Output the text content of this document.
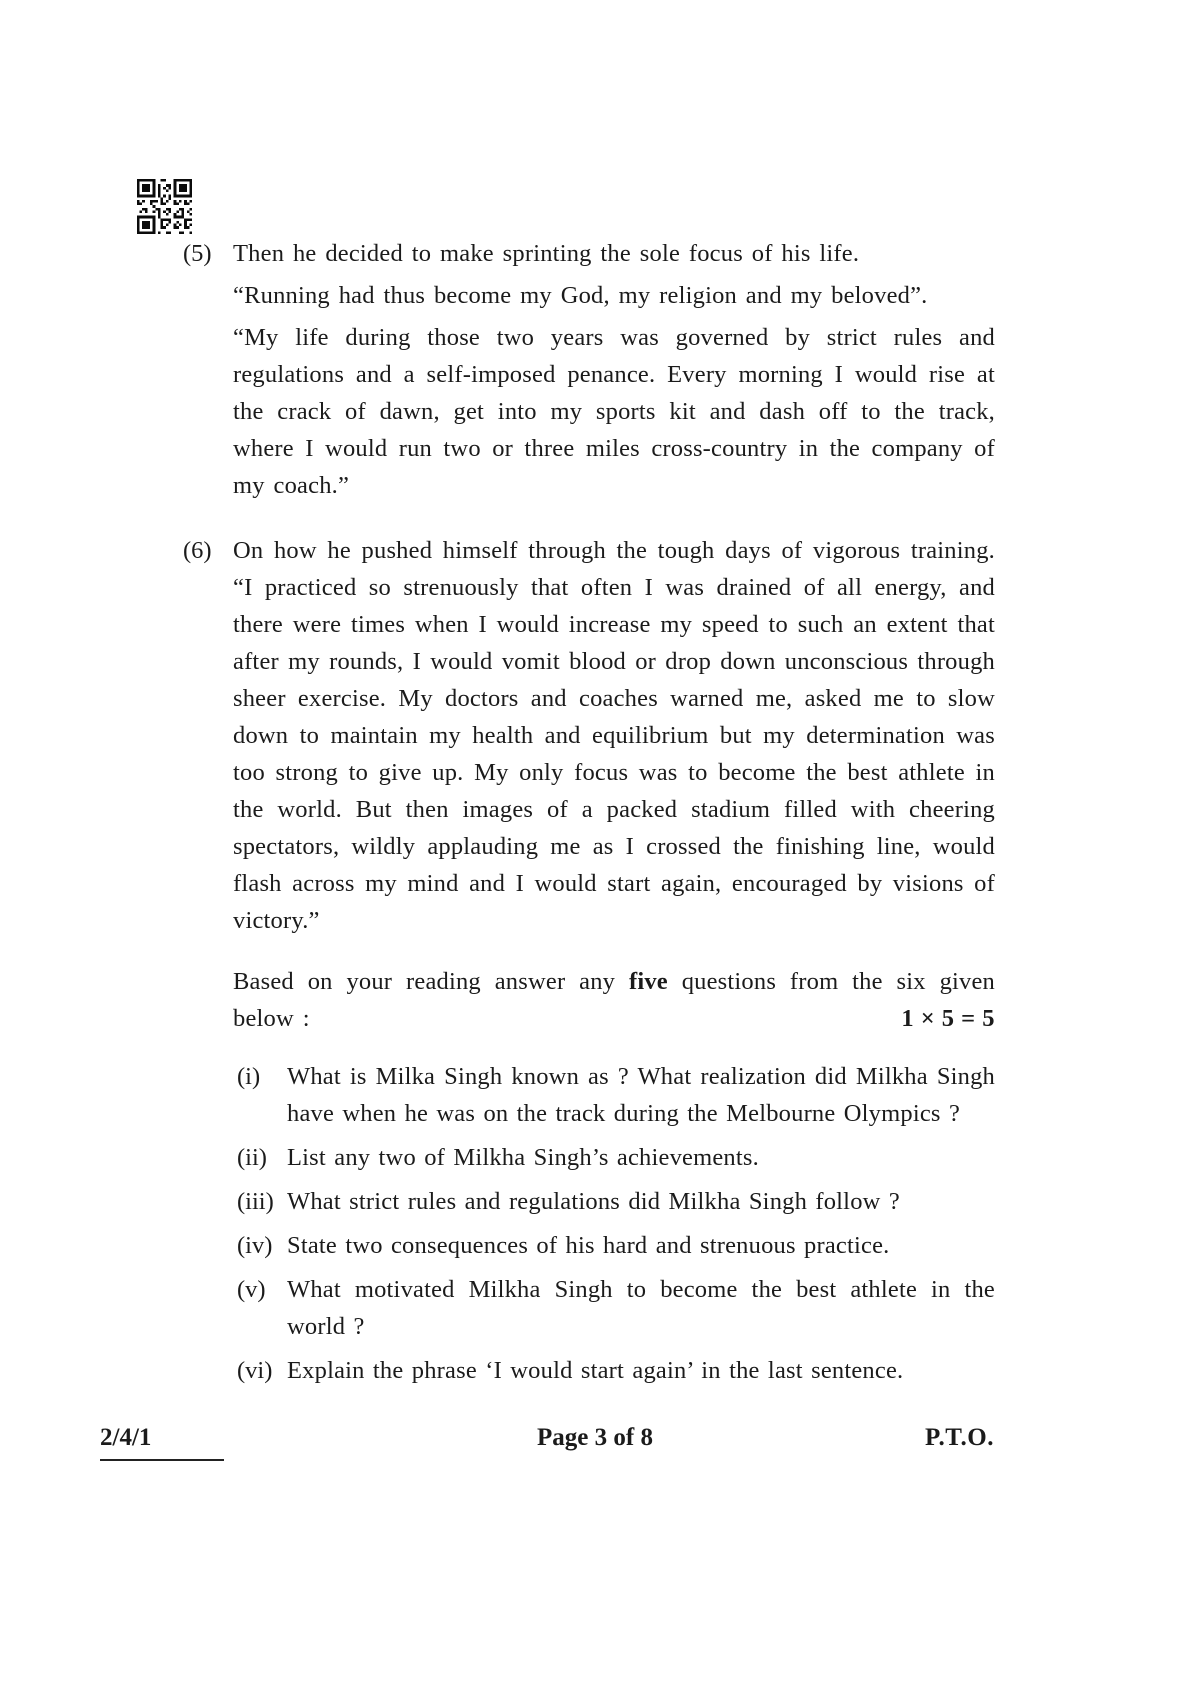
(5) Then he decided to make sprinting the sole focus of his life.

“Running had thus become my God, my religion and my beloved”.

“My life during those two years was governed by strict rules and regulations and a self-imposed penance. Every morning I would rise at the crack of dawn, get into my sports kit and dash off to the track, where I would run two or three miles cross-country in the company of my coach.”

(6) On how he pushed himself through the tough days of vigorous training. “I practiced so strenuously that often I was drained of all energy, and there were times when I would increase my speed to such an extent that after my rounds, I would vomit blood or drop down unconscious through sheer exercise. My doctors and coaches warned me, asked me to slow down to maintain my health and equilibrium but my determination was too strong to give up. My only focus was to become the best athlete in the world. But then images of a packed stadium filled with cheering spectators, wildly applauding me as I crossed the finishing line, would flash across my mind and I would start again, encouraged by visions of victory.”

Based on your reading answer any five questions from the six given below :	1 × 5 = 5
(i)	What is Milka Singh known as ? What realization did Milkha Singh have when he was on the track during the Melbourne Olympics ?
(ii) List any two of Milkha Singh’s achievements.
(iii) What strict rules and regulations did Milkha Singh follow ?
(iv) State two consequences of his hard and strenuous practice.
(v) What motivated Milkha Singh to become the best athlete in the world ?
(vi) Explain the phrase ‘I would start again’ in the last sentence.
2/4/1	Page 3 of 8	P.T.O.
